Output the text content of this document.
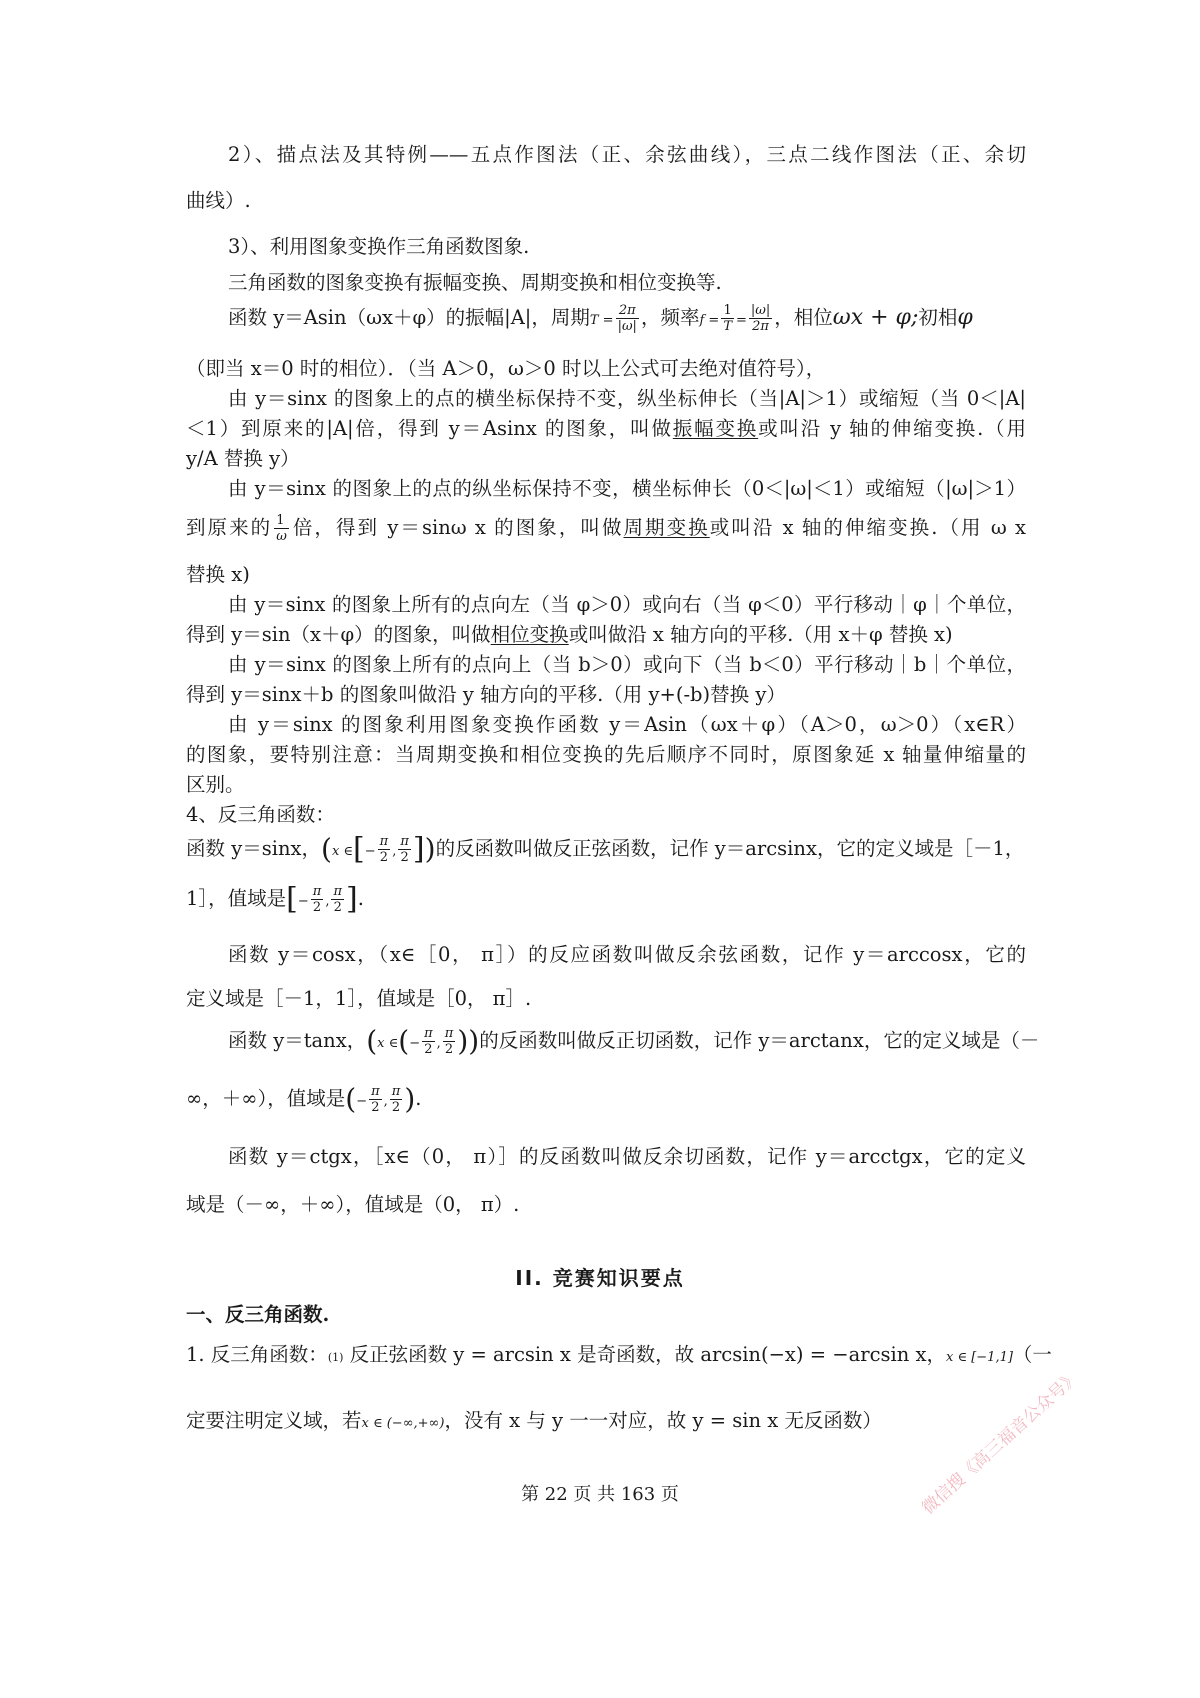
2）、描点法及其特例——五点作图法（正、余弦曲线），三点二线作图法（正、余切
曲线）.
3）、利用图象变换作三角函数图象.
三角函数的图象变换有振幅变换、周期变换和相位变换等.
函数 y＝Asin（ωx＋φ）的振幅|A|，周期$T = \frac{2\pi}{|\omega|}$ ，频率$f = \frac{1}{T} = \frac{|\omega|}{2\pi}$ ，相位ωx + φ;初相φ
（即当 x＝0 时的相位）．（当 A＞0，ω＞0 时以上公式可去绝对值符号），
由 y＝sinx 的图象上的点的横坐标保持不变，纵坐标伸长（当|A|＞1）或缩短（当 0＜|A|
＜1）到原来的|A|倍，得到 y＝Asinx 的图象，叫做振幅变换或叫沿 y 轴的伸缩变换.（用
y/A 替换 y）
由 y＝sinx 的图象上的点的纵坐标保持不变，横坐标伸长（0＜|ω|＜1）或缩短（|ω|＞1）
到原来的 $\frac{1}{\omega}$ 倍，得到 y＝sinω x 的图象，叫做周期变换或叫沿 x 轴的伸缩变换.（用 ω x
替换 x)
由 y＝sinx 的图象上所有的点向左（当 φ＞0）或向右（当 φ＜0）平行移动｜φ｜个单位，
得到 y＝sin（x＋φ）的图象，叫做相位变换或叫做沿 x 轴方向的平移.（用 x＋φ 替换 x)
由 y＝sinx 的图象上所有的点向上（当 b＞0）或向下（当 b＜0）平行移动｜b｜个单位，
得到 y＝sinx＋b 的图象叫做沿 y 轴方向的平移.（用 y+(-b)替换 y）
由 y＝sinx 的图象利用图象变换作函数 y＝Asin（ωx＋φ）（A＞0，ω＞0）（x∈R）
的图象，要特别注意：当周期变换和相位变换的先后顺序不同时，原图象延 x 轴量伸缩量的
区别。
4、反三角函数：
函数 y＝sinx，(x ∈[− $\frac{\pi}{2}$ , $\frac{\pi}{2}$ ])的反函数叫做反正弦函数，记作 y＝arcsinx，它的定义域是［－1，
1］，值域是[− $\frac{\pi}{2}$ , $\frac{\pi}{2}$ ].
函数 y＝cosx，（x∈［0， π］）的反应函数叫做反余弦函数，记作 y＝arccosx，它的
定义域是［－1，1］，值域是［0， π］.
函数 y＝tanx，(x ∈(− $\frac{\pi}{2}$ , $\frac{\pi}{2}$ ))的反函数叫做反正切函数，记作 y＝arctanx，它的定义域是（－
∞，＋∞），值域是(− $\frac{\pi}{2}$ , $\frac{\pi}{2}$ ).
函数 y＝ctgx，［x∈（0， π）］的反函数叫做反余切函数，记作 y＝arcctgx，它的定义
域是（－∞，＋∞），值域是（0， π）.
II. 竞赛知识要点
一、反三角函数.
1. 反三角函数：(1) 反正弦函数 y = arcsin x 是奇函数，故 arcsin(−x) = −arcsin x，x ∈ [−1,1]（一
定要注明定义域，若x ∈ (−∞,+∞)，没有 x 与 y 一一对应，故 y = sin x 无反函数）
第 22 页 共 163 页	微信搜《高三福音公众号》
